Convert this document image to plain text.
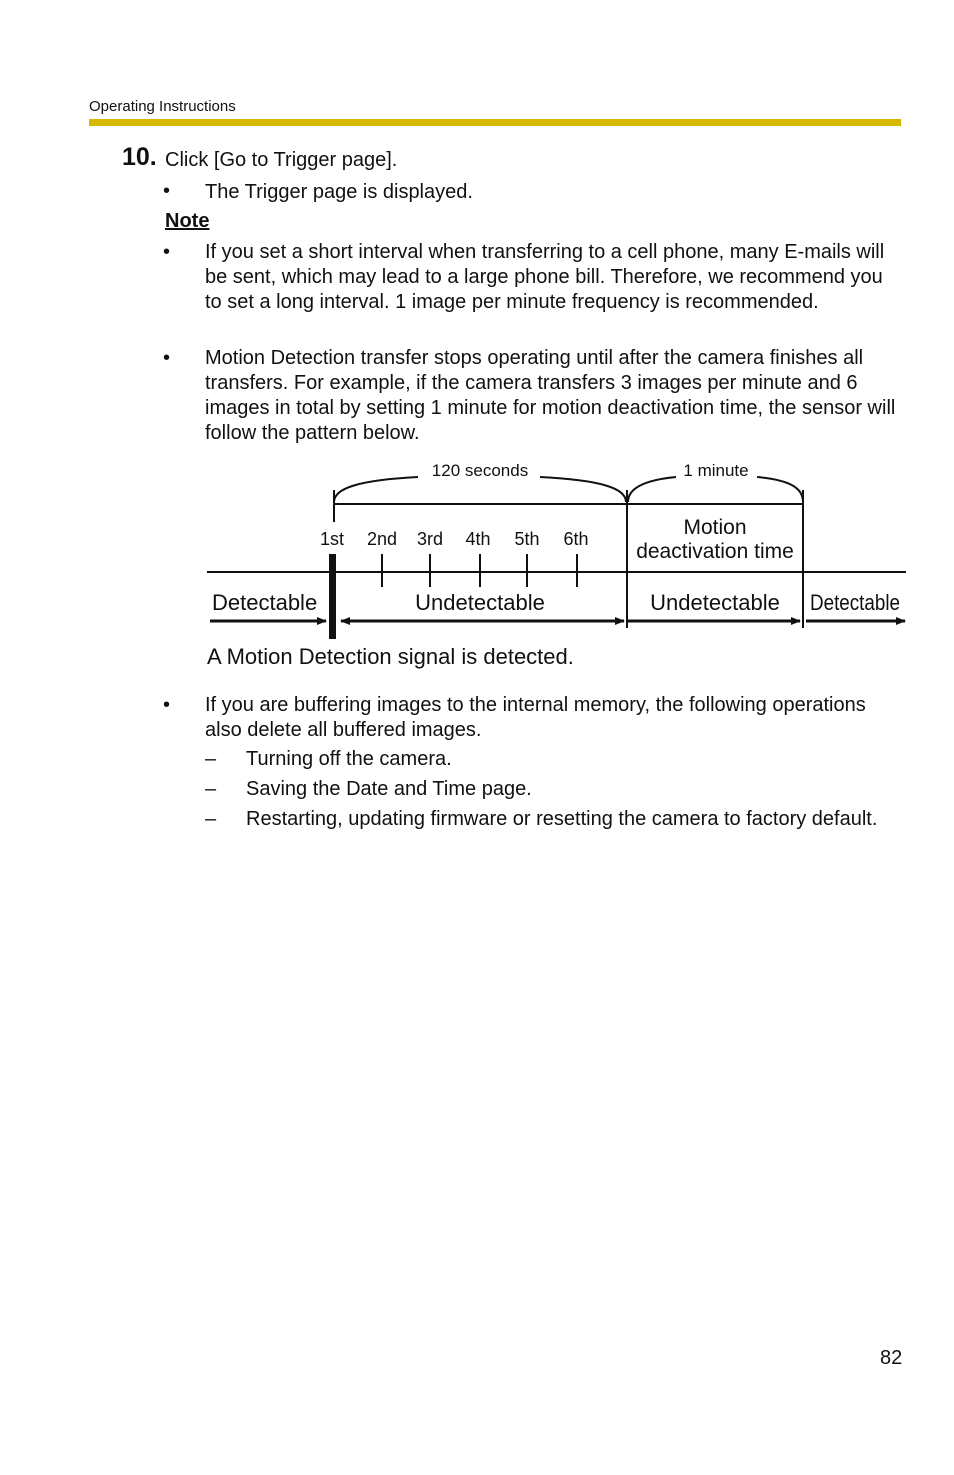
Operating Instructions
10. Click [Go to Trigger page].
• The Trigger page is displayed.
Note
• If you set a short interval when transferring to a cell phone, many E-mails will be sent, which may lead to a large phone bill. Therefore, we recommend you to set a long interval. 1 image per minute frequency is recommended.
• Motion Detection transfer stops operating until after the camera finishes all transfers. For example, if the camera transfers 3 images per minute and 6 images in total by setting 1 minute for motion deactivation time, the sensor will follow the pattern below.
120 seconds	1 minute
Motion
deactivation time
1st 2nd 3rd 4th 5th 6th
Detectable	Undetectable	Undetectable Detectable
A Motion Detection signal is detected.
• If you are buffering images to the internal memory, the following operations also delete all buffered images.
– Turning off the camera.
– Saving the Date and Time page.
– Restarting, updating firmware or resetting the camera to factory default.
82
